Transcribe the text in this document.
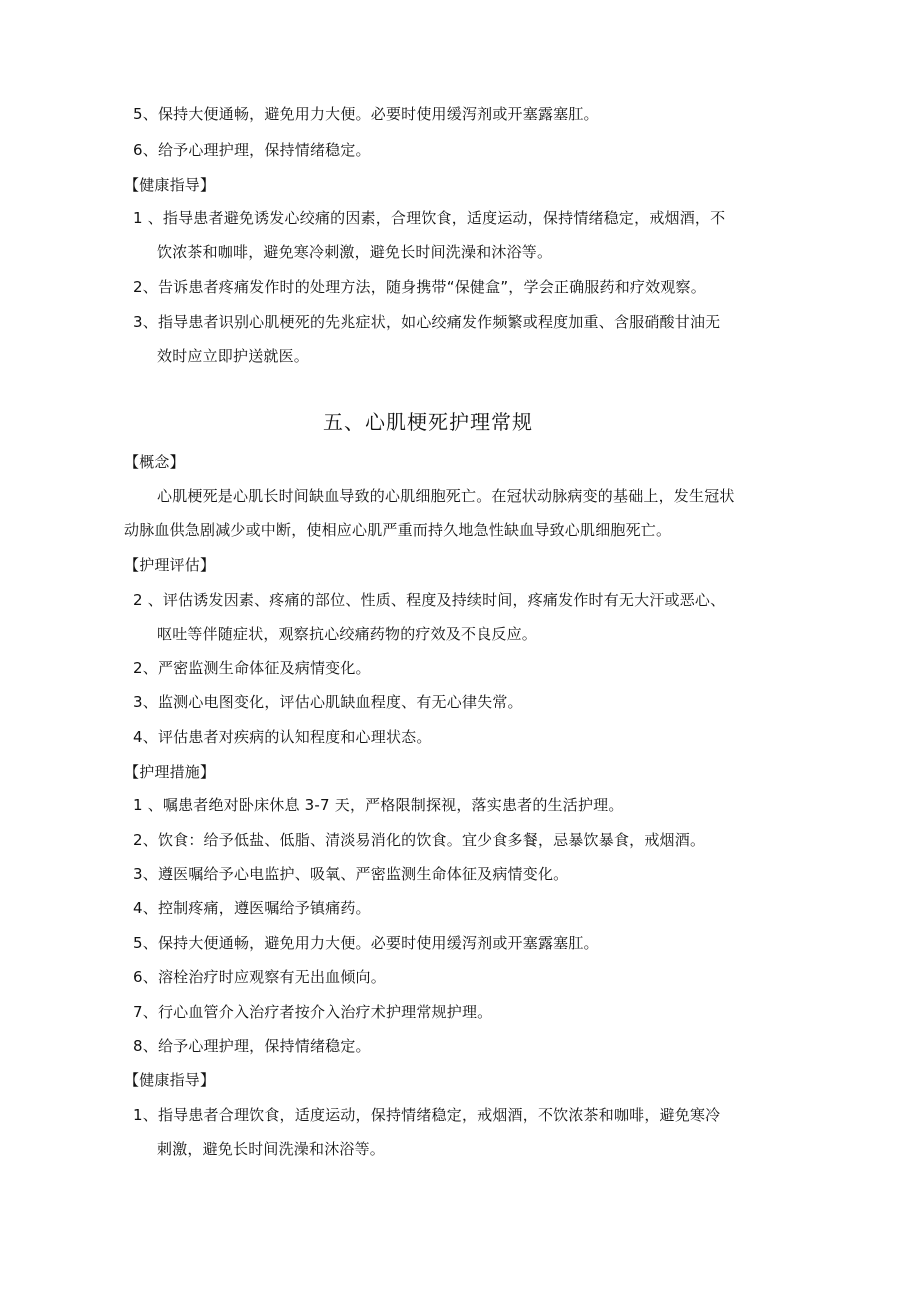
5、保持大便通畅，避免用力大便。必要时使用缓泻剂或开塞露塞肛。
6、给予心理护理，保持情绪稳定。
【健康指导】
1 、指导患者避免诱发心绞痛的因素，合理饮食，适度运动，保持情绪稳定，戒烟酒，不
饮浓茶和咖啡，避免寒冷刺激，避免长时间洗澡和沐浴等。
2、告诉患者疼痛发作时的处理方法，随身携带“保健盒”，学会正确服药和疗效观察。
3、指导患者识别心肌梗死的先兆症状，如心绞痛发作频繁或程度加重、含服硝酸甘油无
效时应立即护送就医。
五、心肌梗死护理常规
【概念】
心肌梗死是心肌长时间缺血导致的心肌细胞死亡。在冠状动脉病变的基础上，发生冠状
动脉血供急剧减少或中断，使相应心肌严重而持久地急性缺血导致心肌细胞死亡。
【护理评估】
2 、评估诱发因素、疼痛的部位、性质、程度及持续时间，疼痛发作时有无大汗或恶心、
呕吐等伴随症状，观察抗心绞痛药物的疗效及不良反应。
2、严密监测生命体征及病情变化。
3、监测心电图变化，评估心肌缺血程度、有无心律失常。
4、评估患者对疾病的认知程度和心理状态。
【护理措施】
1 、嘱患者绝对卧床休息 3-7 天，严格限制探视，落实患者的生活护理。
2、饮食：给予低盐、低脂、清淡易消化的饮食。宜少食多餐，忌暴饮暴食，戒烟酒。
3、遵医嘱给予心电监护、吸氧、严密监测生命体征及病情变化。
4、控制疼痛，遵医嘱给予镇痛药。
5、保持大便通畅，避免用力大便。必要时使用缓泻剂或开塞露塞肛。
6、溶栓治疗时应观察有无出血倾向。
7、行心血管介入治疗者按介入治疗术护理常规护理。
8、给予心理护理，保持情绪稳定。
【健康指导】
1、指导患者合理饮食，适度运动，保持情绪稳定，戒烟酒，不饮浓茶和咖啡，避免寒冷
刺激，避免长时间洗澡和沐浴等。
